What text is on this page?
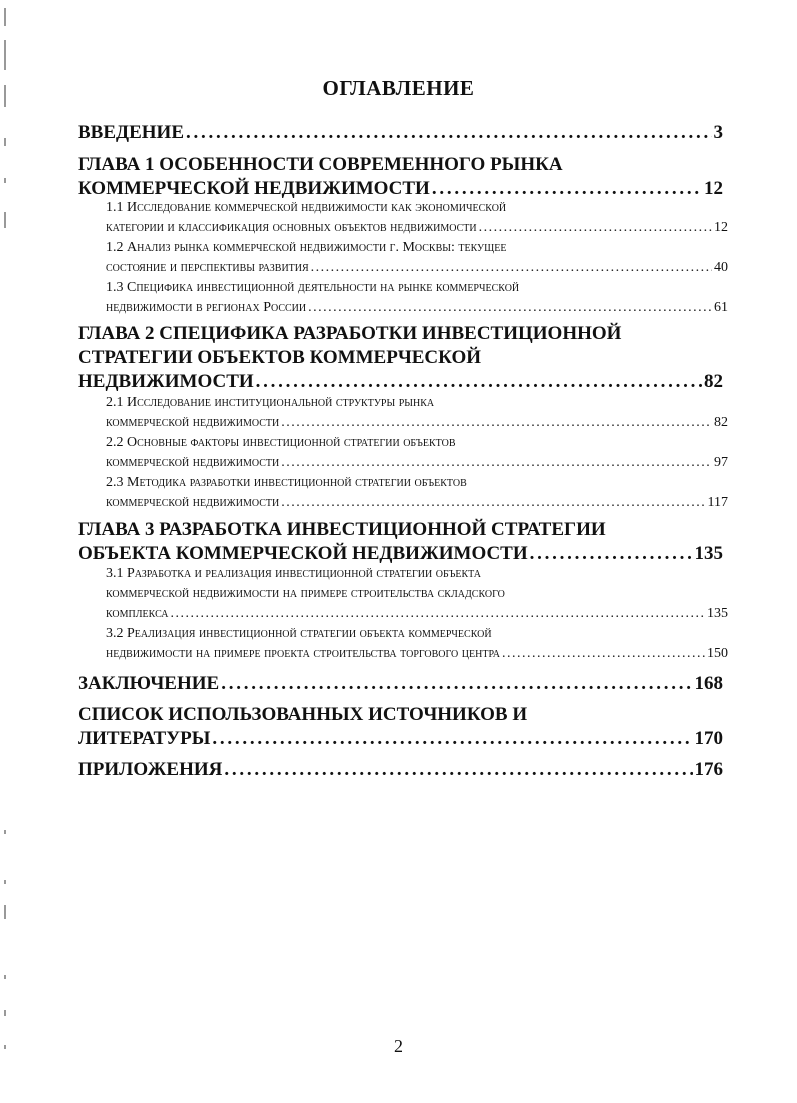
ОГЛАВЛЕНИЕ
ВВЕДЕНИЕ . . .	3
ГЛАВА 1 ОСОБЕННОСТИ СОВРЕМЕННОГО РЫНКА
КОММЕРЧЕСКОЙ НЕДВИЖИМОСТИ . . .	12
1.1 Исследование коммерческой недвижимости как экономической
категории и классификация основных объектов недвижимости . . .	12
1.2 Анализ рынка коммерческой недвижимости г. Москвы: текущее
состояние и перспективы развития . . .	40
1.3 Специфика инвестиционной деятельности на рынке коммерческой
недвижимости в регионах России . . .	61
ГЛАВА 2 СПЕЦИФИКА РАЗРАБОТКИ ИНВЕСТИЦИОННОЙ
СТРАТЕГИИ ОБЪЕКТОВ КОММЕРЧЕСКОЙ
НЕДВИЖИМОСТИ . . .	82
2.1 Исследование институциональной структуры рынка
коммерческой недвижимости . . .	82
2.2 Основные факторы инвестиционной стратегии объектов
коммерческой недвижимости . . .	97
2.3 Методика разработки инвестиционной стратегии объектов
коммерческой недвижимости . . .	117
ГЛАВА 3 РАЗРАБОТКА ИНВЕСТИЦИОННОЙ СТРАТЕГИИ
ОБЪЕКТА КОММЕРЧЕСКОЙ НЕДВИЖИМОСТИ . . .	135
3.1 Разработка и реализация инвестиционной стратегии объекта
коммерческой недвижимости на примере строительства складского
комплекса . . .	135
3.2 Реализация инвестиционной стратегии объекта коммерческой
недвижимости на примере проекта строительства торгового центра . . .	150
ЗАКЛЮЧЕНИЕ . . .	168
СПИСОК ИСПОЛЬЗОВАННЫХ ИСТОЧНИКОВ И
ЛИТЕРАТУРЫ . . .	170
ПРИЛОЖЕНИЯ . . .	176
2
